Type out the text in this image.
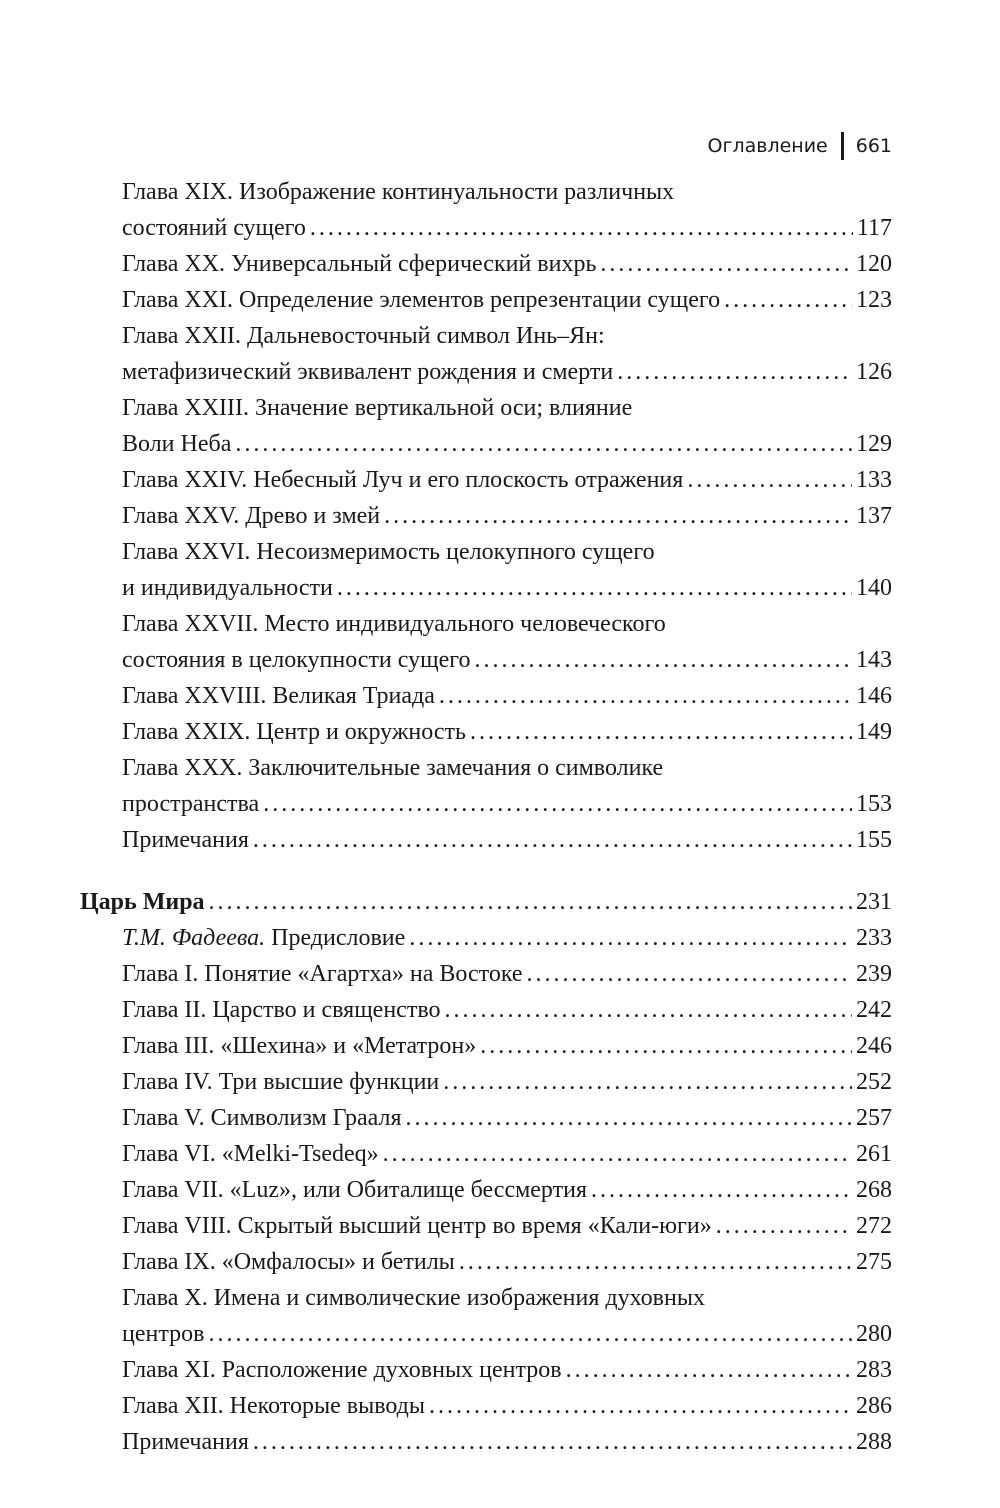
Оглавление 661
Глава XIX. Изображение континуальности различных
состояний сущего .....	117
Глава XX. Универсальный сферический вихрь .....	120
Глава XXI. Определение элементов репрезентации сущего .....	123
Глава XXII. Дальневосточный символ Инь–Ян:
метафизический эквивалент рождения и смерти .....	126
Глава XXIII. Значение вертикальной оси; влияние
Воли Неба .....	129
Глава XXIV. Небесный Луч и его плоскость отражения .....	133
Глава XXV. Древо и змей .....	137
Глава XXVI. Несоизмеримость целокупного сущего
и индивидуальности .....	140
Глава XXVII. Место индивидуального человеческого
состояния в целокупности сущего .....	143
Глава XXVIII. Великая Триада .....	146
Глава XXIX. Центр и окружность .....	149
Глава XXX. Заключительные замечания о символике
пространства .....	153
Примечания .....	155
Царь Мира .....	231
Т.М. Фадеева. Предисловие .....	233
Глава I. Понятие «Агартха» на Востоке .....	239
Глава II. Царство и священство .....	242
Глава III. «Шехина» и «Метатрон» .....	246
Глава IV. Три высшие функции .....	252
Глава V. Символизм Грааля .....	257
Глава VI. «Melki-Tsedeq» .....	261
Глава VII. «Luz», или Обиталище бессмертия .....	268
Глава VIII. Скрытый высший центр во время «Кали-юги» .....	272
Глава IX. «Омфалосы» и бетилы .....	275
Глава X. Имена и символические изображения духовных
центров .....	280
Глава XI. Расположение духовных центров .....	283
Глава XII. Некоторые выводы .....	286
Примечания .....	288
